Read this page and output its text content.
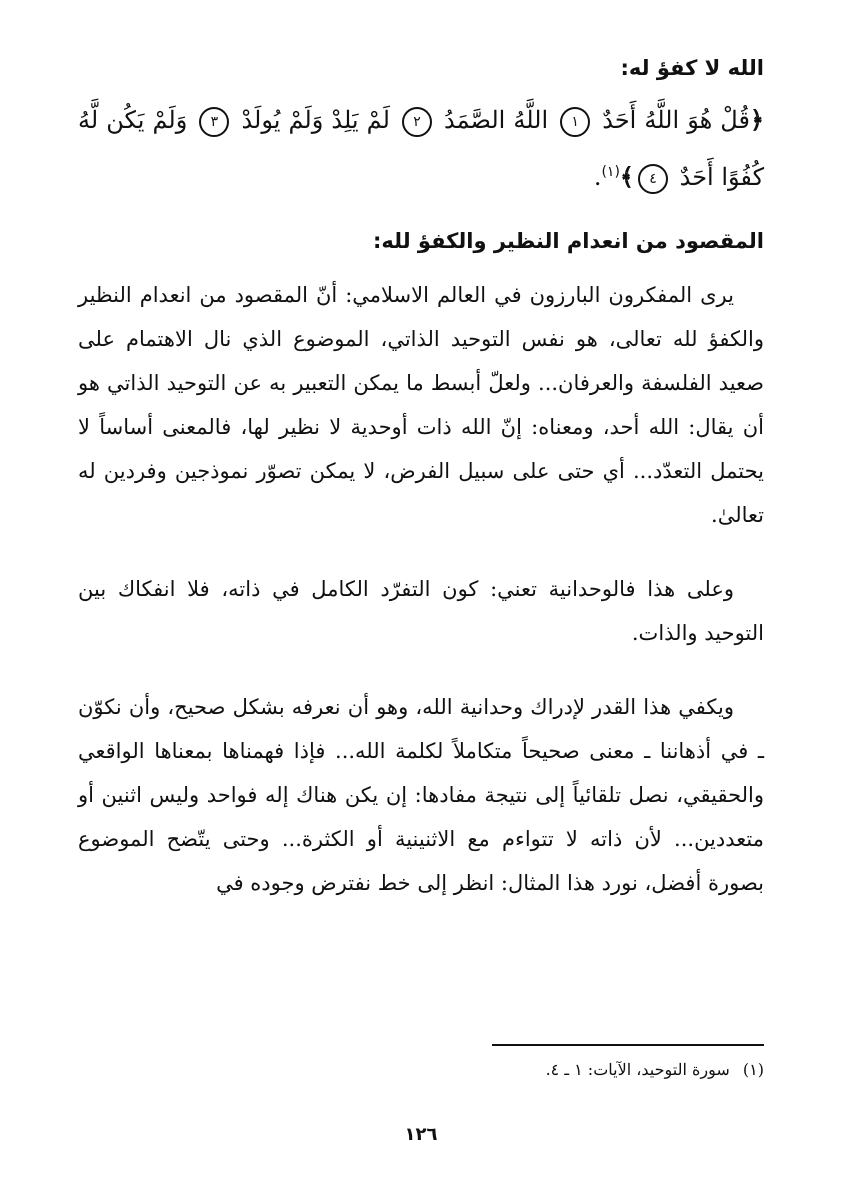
الله لا كفؤ له:

﴿قُلْ هُوَ اللَّهُ أَحَدٌ ١ اللَّهُ الصَّمَدُ ٢ لَمْ يَلِدْ وَلَمْ يُولَدْ ٣ وَلَمْ يَكُن لَّهُ كُفُوًا أَحَدٌ ٤﴾$^{(١)}$.

المقصود من انعدام النظير والكفؤ لله:

يرى المفكرون البارزون في العالم الاسلامي: أنّ المقصود من انعدام النظير والكفؤ لله تعالى، هو نفس التوحيد الذاتي، الموضوع الذي نال الاهتمام على صعيد الفلسفة والعرفان... ولعلّ أبسط ما يمكن التعبير به عن التوحيد الذاتي هو أن يقال: الله أحد، ومعناه: إنّ الله ذات أوحدية لا نظير لها، فالمعنى أساساً لا يحتمل التعدّد... أي حتى على سبيل الفرض، لا يمكن تصوّر نموذجين وفردين له تعالىٰ.

وعلى هذا فالوحدانية تعني: كون التفرّد الكامل في ذاته، فلا انفكاك بين التوحيد والذات.

ويكفي هذا القدر لإدراك وحدانية الله، وهو أن نعرفه بشكل صحيح، وأن نكوّن ـ في أذهاننا ـ معنى صحيحاً متكاملاً لكلمة الله... فإذا فهمناها بمعناها الواقعي والحقيقي، نصل تلقائياً إلى نتيجة مفادها: إن يكن هناك إله فواحد وليس اثنين أو متعددين... لأن ذاته لا تتواءم مع الاثنينية أو الكثرة... وحتى يتّضح الموضوع بصورة أفضل، نورد هذا المثال: انظر إلى خط نفترض وجوده في

(١) سورة التوحيد، الآيات: ١ ـ ٤.
١٢٦
